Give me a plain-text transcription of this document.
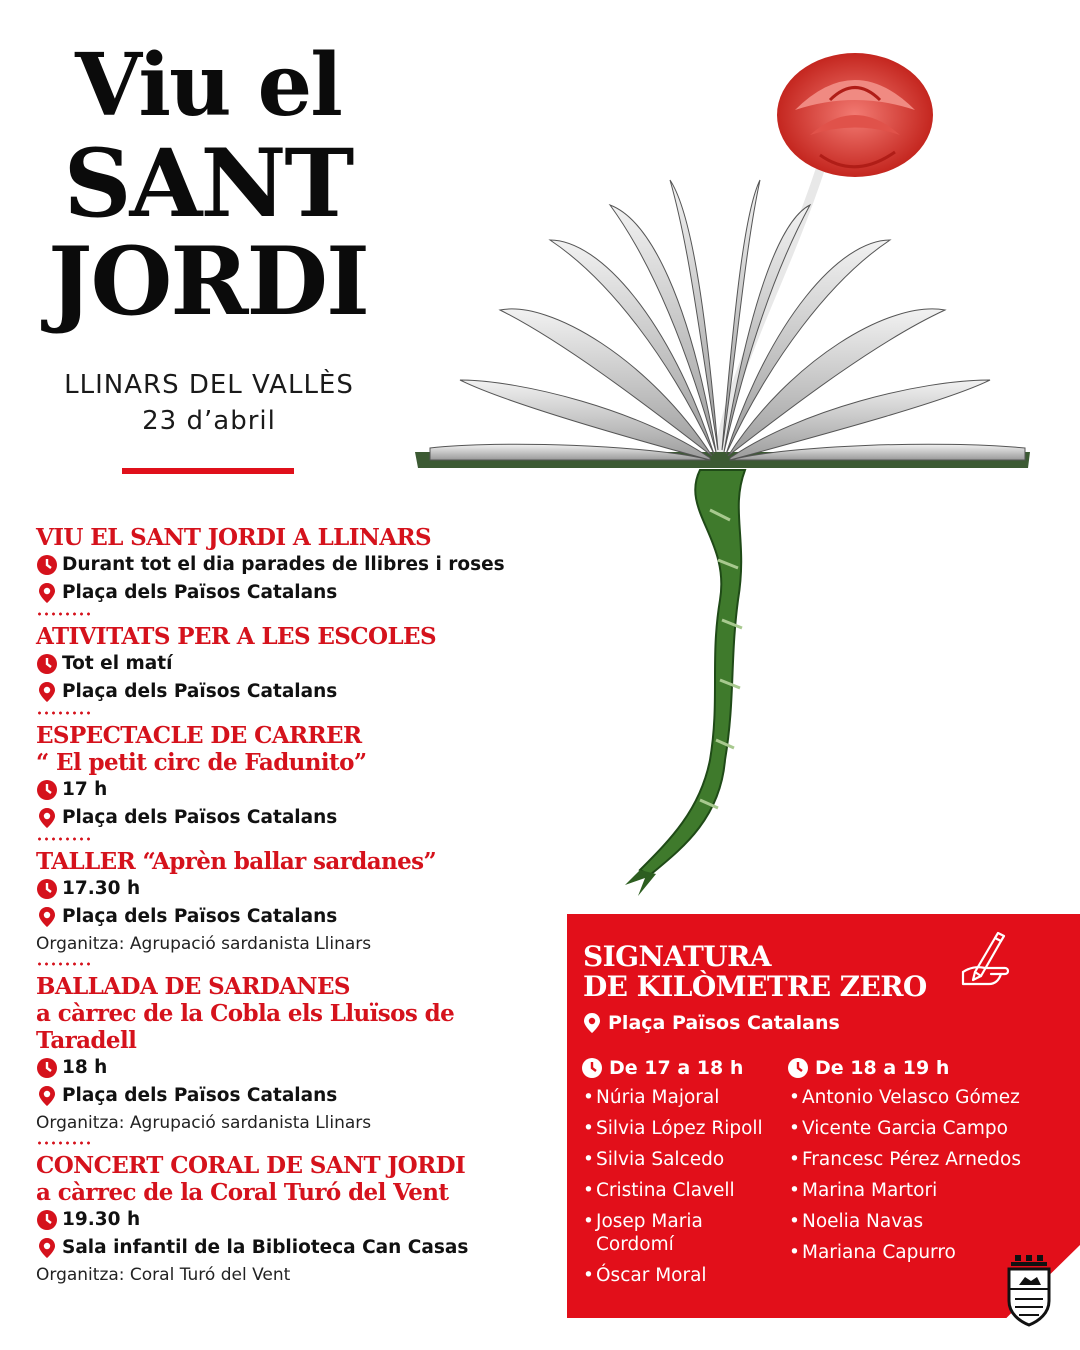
Viu el
SANT
JORDI
LLINARS DEL VALLÈS
23 d’abril
VIU EL SANT JORDI A LLINARS
Durant tot el dia parades de llibres i roses
Plaça dels Països Catalans
ATIVITATS PER A LES ESCOLES
Tot el matí
Plaça dels Països Catalans
ESPECTACLE DE CARRER
“ El petit circ de Fadunito”
17 h
Plaça dels Països Catalans
TALLER “Aprèn ballar sardanes”
17.30 h
Plaça dels Països Catalans
Organitza: Agrupació sardanista Llinars
BALLADA DE SARDANES
a càrrec de la Cobla els Lluïsos de Taradell
18 h
Plaça dels Països Catalans
Organitza: Agrupació sardanista Llinars
CONCERT CORAL DE SANT JORDI
a càrrec de la Coral Turó del Vent
19.30 h
Sala infantil de la Biblioteca Can Casas
Organitza: Coral Turó del Vent
SIGNATURA
DE KILÒMETRE ZERO
Plaça Països Catalans
De 17 a 18 h
• Núria Majoral
• Silvia López Ripoll
• Silvia Salcedo
• Cristina Clavell
• Josep Maria Cordomí
• Óscar Moral
De 18 a 19 h
• Antonio Velasco Gómez
• Vicente Garcia Campo
• Francesc Pérez Arnedos
• Marina Martori
• Noelia Navas
• Mariana Capurro
